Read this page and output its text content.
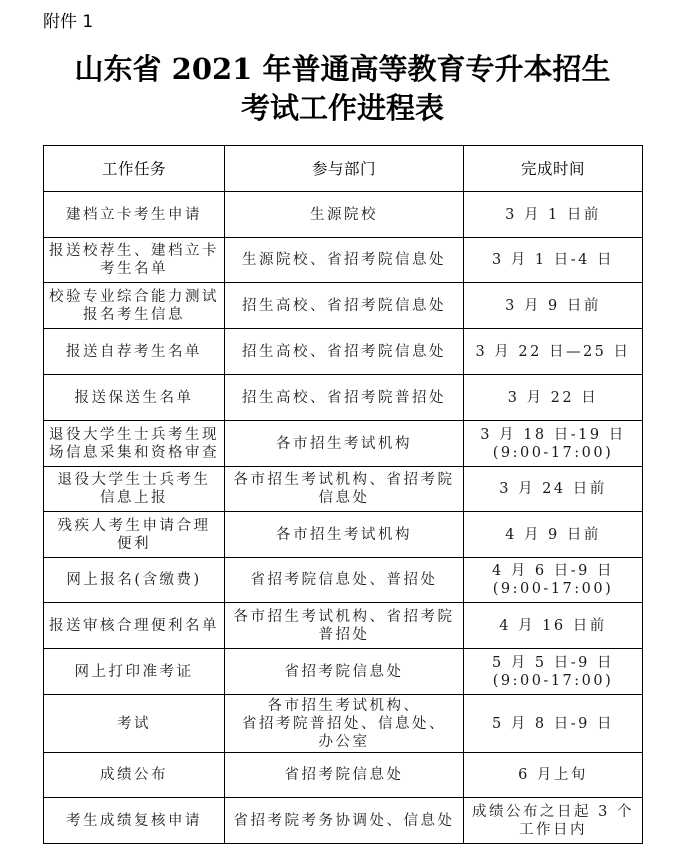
附件 1
山东省 2021 年普通高等教育专升本招生
考试工作进程表
工作任务	参与部门	完成时间

建档立卡考生申请	生源院校	3 月 1 日前

报送校荐生、建档立卡
考生名单	生源院校、省招考院信息处	3 月 1 日-4 日

校验专业综合能力测试
报名考生信息	招生高校、省招考院信息处	3 月 9 日前

报送自荐考生名单	招生高校、省招考院信息处	3 月 22 日—25 日

报送保送生名单	招生高校、省招考院普招处	3 月 22 日

退役大学生士兵考生现
场信息采集和资格审查	各市招生考试机构	3 月 18 日-19 日
(9:00-17:00)

退役大学生士兵考生
信息上报	各市招生考试机构、省招考院
信息处	3 月 24 日前

残疾人考生申请合理
便利	各市招生考试机构	4 月 9 日前

网上报名(含缴费)	省招考院信息处、普招处	4 月 6 日-9 日
(9:00-17:00)

报送审核合理便利名单	各市招生考试机构、省招考院
普招处	4 月 16 日前

网上打印准考证	省招考院信息处	5 月 5 日-9 日
(9:00-17:00)

考试	各市招生考试机构、
省招考院普招处、信息处、
办公室	5 月 8 日-9 日

成绩公布	省招考院信息处	6 月上旬

考生成绩复核申请	省招考院考务协调处、信息处	成绩公布之日起 3 个
工作日内
